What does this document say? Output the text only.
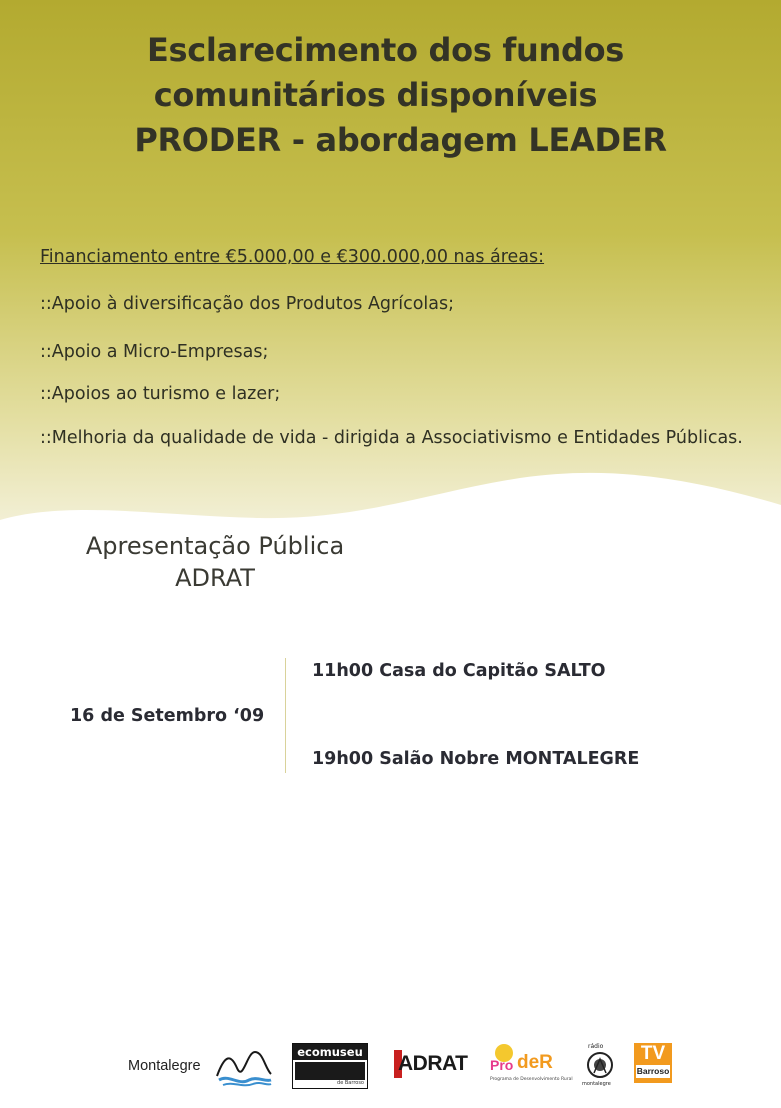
Esclarecimento dos fundos
comunitários disponíveis
PRODER - abordagem LEADER
Financiamento entre €5.000,00 e €300.000,00 nas áreas:
::Apoio à diversificação dos Produtos Agrícolas;
::Apoio a Micro-Empresas;
::Apoios ao turismo e lazer;
::Melhoria da qualidade de vida - dirigida a Associativismo e Entidades Públicas.
Apresentação Pública
ADRAT
16 de Setembro ‘09
11h00 Casa do Capitão SALTO
19h00 Salão Nobre MONTALEGRE
Montalegre
ecomuseu
de Barroso
ADRAT Pro deR
Programa de Desenvolvimento Rural
rádio
montalegre
TV
Barroso
